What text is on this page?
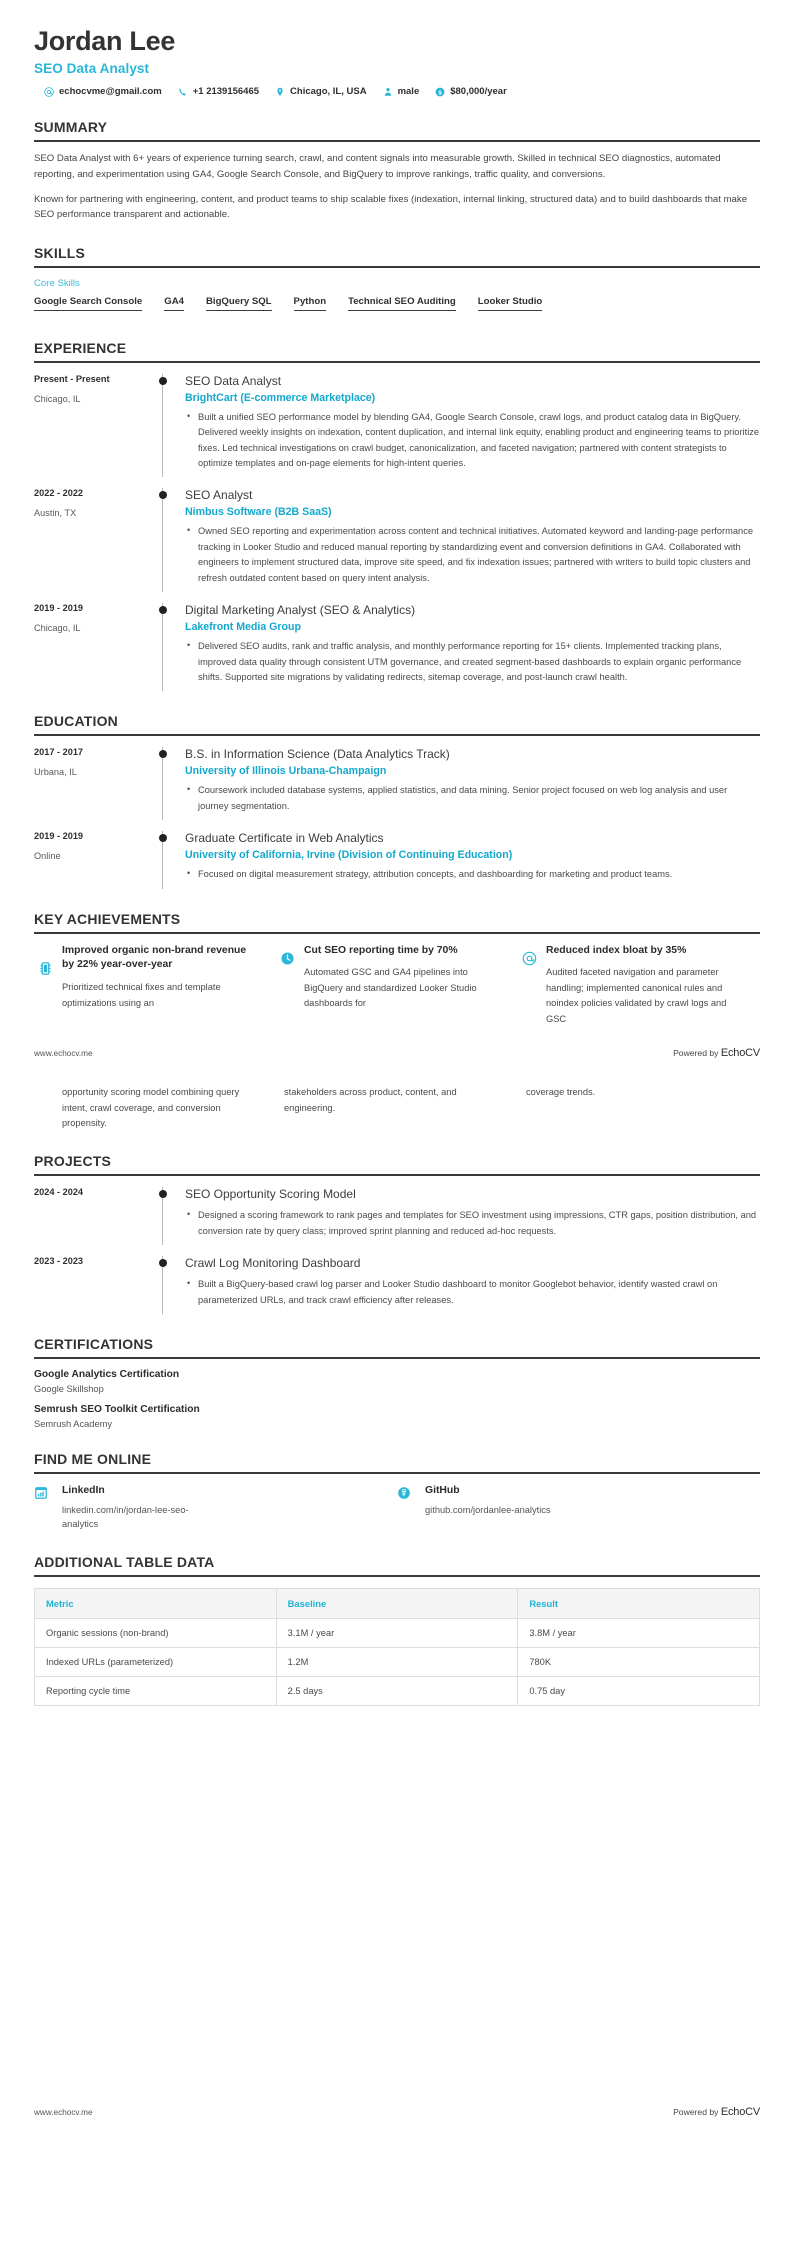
Jordan Lee
SEO Data Analyst
echocvme@gmail.com	+1 2139156465	Chicago, IL, USA	male $ $80,000/year
SUMMARY

SEO Data Analyst with 6+ years of experience turning search, crawl, and content signals into measurable growth. Skilled in technical SEO diagnostics, automated reporting, and experimentation using GA4, Google Search Console, and BigQuery to improve rankings, traffic quality, and conversions.

Known for partnering with engineering, content, and product teams to ship scalable fixes (indexation, internal linking, structured data) and to build dashboards that make SEO performance transparent and actionable.

SKILLS
Core Skills
Google Search Console GA4 BigQuery SQL Python Technical SEO Auditing Looker Studio
EXPERIENCE
Present - Present
Chicago, IL
SEO Data Analyst
BrightCart (E-commerce Marketplace)
• Built a unified SEO performance model by blending GA4, Google Search Console, crawl logs, and product catalog data in BigQuery. Delivered weekly insights on indexation, content duplication, and internal link equity, enabling product and engineering teams to prioritize fixes. Led technical investigations on crawl budget, canonicalization, and faceted navigation; partnered with content strategists to optimize templates and on-page elements for high-intent queries.
2022 - 2022
Austin, TX
SEO Analyst
Nimbus Software (B2B SaaS)
• Owned SEO reporting and experimentation across content and technical initiatives. Automated keyword and landing-page performance tracking in Looker Studio and reduced manual reporting by standardizing event and conversion definitions in GA4. Collaborated with engineers to implement structured data, improve site speed, and fix indexation issues; partnered with writers to build topic clusters and refresh outdated content based on query intent analysis.
2019 - 2019
Chicago, IL
Digital Marketing Analyst (SEO & Analytics)
Lakefront Media Group
• Delivered SEO audits, rank and traffic analysis, and monthly performance reporting for 15+ clients. Implemented tracking plans, improved data quality through consistent UTM governance, and created segment-based dashboards to explain organic performance shifts. Supported site migrations by validating redirects, sitemap coverage, and post-launch crawl health.
EDUCATION
2017 - 2017
Urbana, IL
B.S. in Information Science (Data Analytics Track)
University of Illinois Urbana-Champaign
• Coursework included database systems, applied statistics, and data mining. Senior project focused on web log analysis and user journey segmentation.
2019 - 2019
Online
Graduate Certificate in Web Analytics
University of California, Irvine (Division of Continuing Education)
• Focused on digital measurement strategy, attribution concepts, and dashboarding for marketing and product teams.
KEY ACHIEVEMENTS
Improved organic non-brand revenue by 22% year-over-year
Prioritized technical fixes and template optimizations using an
Cut SEO reporting time by 70%
Automated GSC and GA4 pipelines into BigQuery and standardized Looker Studio dashboards for
Reduced index bloat by 35%
Audited faceted navigation and parameter handling; implemented canonical rules and noindex policies validated by crawl logs and GSC
www.echocv.me	Powered by EchoCV
opportunity scoring model combining query intent, crawl coverage, and conversion propensity.
stakeholders across product, content, and engineering.
coverage trends.
PROJECTS
2024 - 2024	SEO Opportunity Scoring Model
• Designed a scoring framework to rank pages and templates for SEO investment using impressions, CTR gaps, position distribution, and conversion rate by query class; improved sprint planning and reduced ad-hoc requests.
2023 - 2023	Crawl Log Monitoring Dashboard
• Built a BigQuery-based crawl log parser and Looker Studio dashboard to monitor Googlebot behavior, identify wasted crawl on parameterized URLs, and track crawl efficiency after releases.
CERTIFICATIONS
Google Analytics Certification
Google Skillshop
Semrush SEO Toolkit Certification
Semrush Academy
FIND ME ONLINE
LinkedIn
linkedin.com/in/jordan-lee-seo-analytics
GitHub
github.com/jordanlee-analytics
ADDITIONAL TABLE DATA
Metric	Baseline	Result
Organic sessions (non-brand)	3.1M / year	3.8M / year
Indexed URLs (parameterized)	1.2M	780K
Reporting cycle time	2.5 days	0.75 day
www.echocv.me	Powered by EchoCV
